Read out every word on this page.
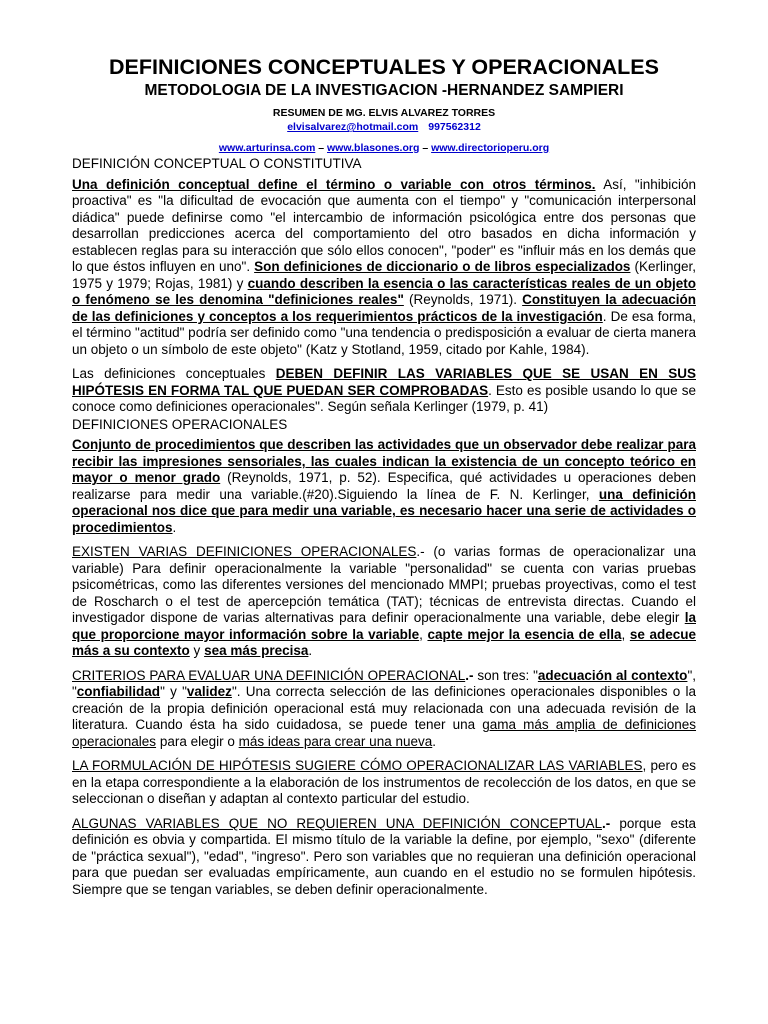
DEFINICIONES CONCEPTUALES Y OPERACIONALES
METODOLOGIA DE LA INVESTIGACION -HERNANDEZ SAMPIERI
RESUMEN DE MG. ELVIS ALVAREZ TORRES
elvisalvarez@hotmail.com 997562312
www.arturinsa.com – www.blasones.org – www.directorioperu.org
DEFINICIÓN CONCEPTUAL O CONSTITUTIVA

Una definición conceptual define el término o variable con otros términos. Así, "inhibición proactiva" es "la dificultad de evocación que aumenta con el tiempo" y "comunicación interpersonal diádica" puede definirse como "el intercambio de información psicológica entre dos personas que desarrollan predicciones acerca del comportamiento del otro basados en dicha información y establecen reglas para su interacción que sólo ellos conocen", "poder" es "influir más en los demás que lo que éstos influyen en uno". Son definiciones de diccionario o de libros especializados (Kerlinger, 1975 y 1979; Rojas, 1981) y cuando describen la esencia o las características reales de un objeto o fenómeno se les denomina "definiciones reales" (Reynolds, 1971). Constituyen la adecuación de las definiciones y conceptos a los requerimientos prácticos de la investigación. De esa forma, el término "actitud" podría ser definido como "una tendencia o predisposición a evaluar de cierta manera un objeto o un símbolo de este objeto" (Katz y Stotland, 1959, citado por Kahle, 1984).

Las definiciones conceptuales DEBEN DEFINIR LAS VARIABLES QUE SE USAN EN SUS HIPÓTESIS EN FORMA TAL QUE PUEDAN SER COMPROBADAS. Esto es posible usando lo que se conoce como definiciones operacionales". Según señala Kerlinger (1979, p. 41)

DEFINICIONES OPERACIONALES

Conjunto de procedimientos que describen las actividades que un observador debe realizar para recibir las impresiones sensoriales, las cuales indican la existencia de un concepto teórico en mayor o menor grado (Reynolds, 1971, p. 52). Especifica, qué actividades u operaciones deben realizarse para medir una variable.(#20).Siguiendo la línea de F. N. Kerlinger, una definición operacional nos dice que para medir una variable, es necesario hacer una serie de actividades o procedimientos.

EXISTEN VARIAS DEFINICIONES OPERACIONALES.- (o varias formas de operacionalizar una variable) Para definir operacionalmente la variable "personalidad" se cuenta con varias pruebas psicométricas, como las diferentes versiones del mencionado MMPI; pruebas proyectivas, como el test de Roscharch o el test de apercepción temática (TAT); técnicas de entrevista directas. Cuando el investigador dispone de varias alternativas para definir operacionalmente una variable, debe elegir la que proporcione mayor información sobre la variable, capte mejor la esencia de ella, se adecue más a su contexto y sea más precisa.

CRITERIOS PARA EVALUAR UNA DEFINICIÓN OPERACIONAL.- son tres: "adecuación al contexto", "confiabilidad" y "validez". Una correcta selección de las definiciones operacionales disponibles o la creación de la propia definición operacional está muy relacionada con una adecuada revisión de la literatura. Cuando ésta ha sido cuidadosa, se puede tener una gama más amplia de definiciones operacionales para elegir o más ideas para crear una nueva.

LA FORMULACIÓN DE HIPÓTESIS SUGIERE CÓMO OPERACIONALIZAR LAS VARIABLES, pero es en la etapa correspondiente a la elaboración de los instrumentos de recolección de los datos, en que se seleccionan o diseñan y adaptan al contexto particular del estudio.

ALGUNAS VARIABLES QUE NO REQUIEREN UNA DEFINICIÓN CONCEPTUAL.- porque esta definición es obvia y compartida. El mismo título de la variable la define, por ejemplo, "sexo" (diferente de "práctica sexual"), "edad", "ingreso". Pero son variables que no requieran una definición operacional para que puedan ser evaluadas empíricamente, aun cuando en el estudio no se formulen hipótesis. Siempre que se tengan variables, se deben definir operacionalmente.
